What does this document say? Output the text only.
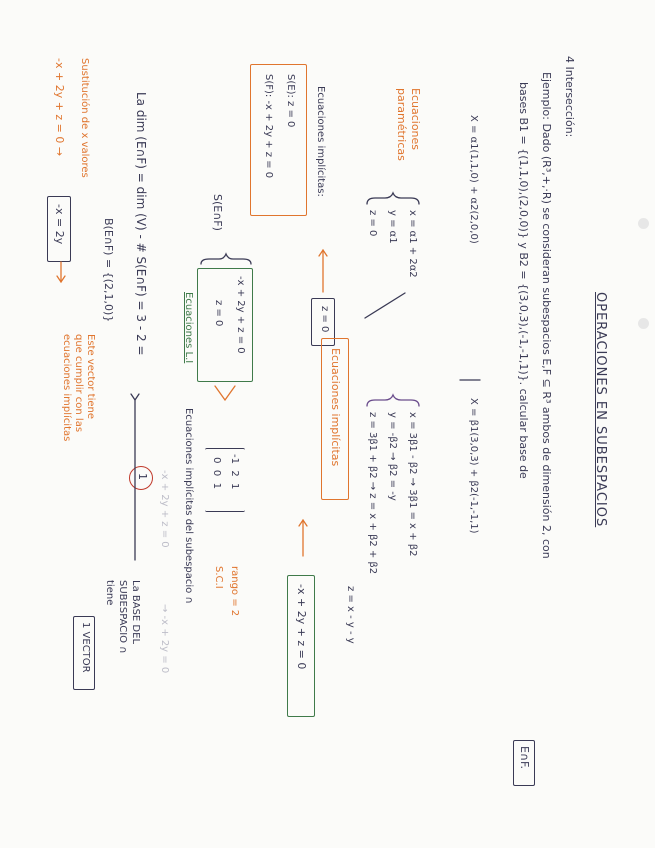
OPERACIONES EN SUBESPACIOS
4 Intersección:
Ejemplo: Dado (R³,+,·R) se consideran subespacios E,F ⊆ R³ ambos de dimensión 2, con
bases B1 = {(1,1,0),(2,0,0)} y B2 = {(3,0,3),(-1,-1,1)}. calcular base de
E∩F.
X = α1(1,1,0) + α2(2,0,0)
X = β1(3,0,3) + β2(-1,-1,1)
Ecuaciones
paramétricas
x = α1 + 2α2
y = α1
z = 0
x = 3β1 - β2 → 3β1 = x + β2
y = -β2 → β2 = -y
z = 3β1 + β2 → z = x + β2 + β2
z = x - y - y
Ecuaciones implícitas:
S(E): z = 0
S(F): -x + 2y + z = 0
z = 0
Ecuaciones implícitas
-x + 2y + z = 0
S(E∩F)
-x + 2y + z = 0
z = 0
Ecuaciones L.I
-1  2  1
0  0  1
rango = 2
S.C.I
Ecuaciones implícitas del subespacio ∩
-x + 2y + z = 0
→ -x + 2y = 0
La dim (E∩F) = dim (V) - # S(E∩F) = 3 - 2 =
1
B(E∩F) = {(2,1,0)}
Este vector tiene
que cumplir con las
ecuaciones implícitas
Sustitución de x valores
-x + 2y + z = 0 →
-x = 2y
La BASE DEL
SUBESPACIO ∩
tiene
1 VECTOR
